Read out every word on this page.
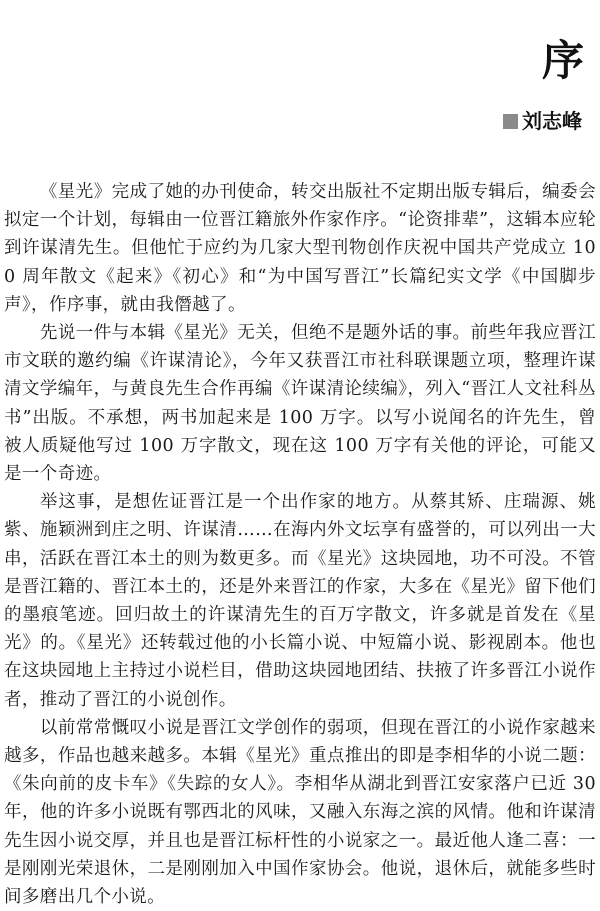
序
刘志峰

《星光》完成了她的办刊使命，转交出版社不定期出版专辑后，编委会拟定一个计划，每辑由一位晋江籍旅外作家作序。“论资排辈”，这辑本应轮到许谋清先生。但他忙于应约为几家大型刊物创作庆祝中国共产党成立 100 周年散文《起来》《初心》和“为中国写晋江”长篇纪实文学《中国脚步声》，作序事，就由我僭越了。

先说一件与本辑《星光》无关，但绝不是题外话的事。前些年我应晋江市文联的邀约编《许谋清论》，今年又获晋江市社科联课题立项，整理许谋清文学编年，与黄良先生合作再编《许谋清论续编》，列入“晋江人文社科丛书”出版。不承想，两书加起来是 100 万字。以写小说闻名的许先生，曾被人质疑他写过 100 万字散文，现在这 100 万字有关他的评论，可能又是一个奇迹。

举这事，是想佐证晋江是一个出作家的地方。从蔡其矫、庄瑞源、姚紫、施颖洲到庄之明、许谋清……在海内外文坛享有盛誉的，可以列出一大串，活跃在晋江本土的则为数更多。而《星光》这块园地，功不可没。不管是晋江籍的、晋江本土的，还是外来晋江的作家，大多在《星光》留下他们的墨痕笔迹。回归故土的许谋清先生的百万字散文，许多就是首发在《星光》的。《星光》还转载过他的小长篇小说、中短篇小说、影视剧本。他也在这块园地上主持过小说栏目，借助这块园地团结、扶掖了许多晋江小说作者，推动了晋江的小说创作。

以前常常慨叹小说是晋江文学创作的弱项，但现在晋江的小说作家越来越多，作品也越来越多。本辑《星光》重点推出的即是李相华的小说二题：《朱向前的皮卡车》《失踪的女人》。李相华从湖北到晋江安家落户已近 30 年，他的许多小说既有鄂西北的风味，又融入东海之滨的风情。他和许谋清先生因小说交厚，并且也是晋江标杆性的小说家之一。最近他人逢二喜：一是刚刚光荣退休，二是刚刚加入中国作家协会。他说，退休后，就能多些时间多磨出几个小说。
